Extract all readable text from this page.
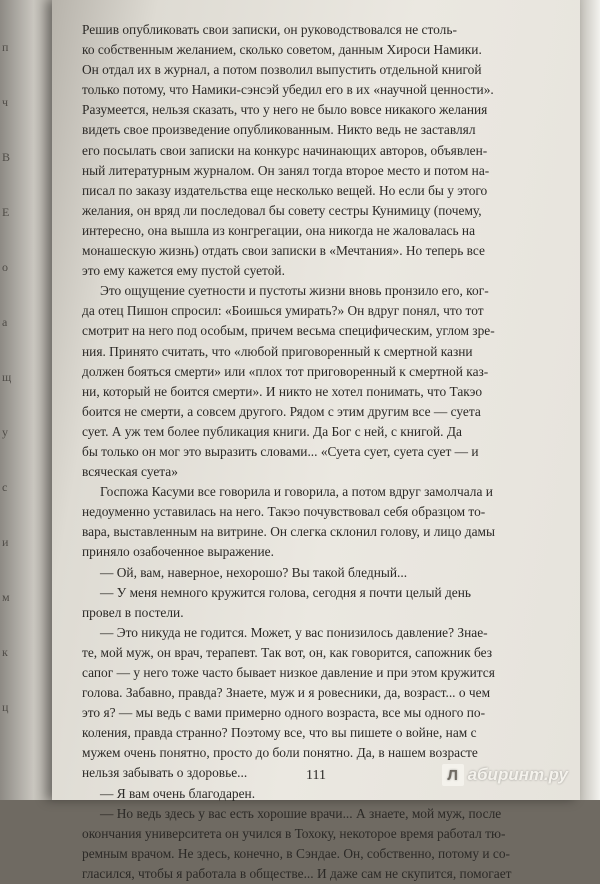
п
ч
В
Е
о
а
щ
у
с
и
м
к
ц
Решив опубликовать свои записки, он руководствовался не столь-
ко собственным желанием, сколько советом, данным Хироси Намики.
Он отдал их в журнал, а потом позволил выпустить отдельной книгой
только потому, что Намики-сэнсэй убедил его в их «научной ценности».
Разумеется, нельзя сказать, что у него не было вовсе никакого желания
видеть свое произведение опубликованным. Никто ведь не заставлял
его посылать свои записки на конкурс начинающих авторов, объявлен-
ный литературным журналом. Он занял тогда второе место и потом на-
писал по заказу издательства еще несколько вещей. Но если бы у этого
желания, он вряд ли последовал бы совету сестры Кунимицу (почему,
интересно, она вышла из конгрегации, она никогда не жаловалась на
монашескую жизнь) отдать свои записки в «Мечтания». Но теперь все
это ему кажется ему пустой суетой.
Это ощущение суетности и пустоты жизни вновь пронзило его, ког-
да отец Пишон спросил: «Боишься умирать?» Он вдруг понял, что тот
смотрит на него под особым, причем весьма специфическим, углом зре-
ния. Принято считать, что «любой приговоренный к смертной казни
должен бояться смерти» или «плох тот приговоренный к смертной каз-
ни, который не боится смерти». И никто не хотел понимать, что Такэо
боится не смерти, а совсем другого. Рядом с этим другим все — суета
сует. А уж тем более публикация книги. Да Бог с ней, с книгой. Да
бы только он мог это выразить словами... «Суета сует, суета сует — и
всяческая суета»
Госпожа Касуми все говорила и говорила, а потом вдруг замолчала и
недоуменно уставилась на него. Такэо почувствовал себя образцом то-
вара, выставленным на витрине. Он слегка склонил голову, и лицо дамы
приняло озабоченное выражение.
— Ой, вам, наверное, нехорошо? Вы такой бледный...
— У меня немного кружится голова, сегодня я почти целый день
провел в постели.
— Это никуда не годится. Может, у вас понизилось давление? Знае-
те, мой муж, он врач, терапевт. Так вот, он, как говорится, сапожник без
сапог — у него тоже часто бывает низкое давление и при этом кружится
голова. Забавно, правда? Знаете, муж и я ровесники, да, возраст... о чем
это я? — мы ведь с вами примерно одного возраста, все мы одного по-
коления, правда странно? Поэтому все, что вы пишете о войне, нам с
мужем очень понятно, просто до боли понятно. Да, в нашем возрасте
нельзя забывать о здоровье...
— Я вам очень благодарен.
— Но ведь здесь у вас есть хорошие врачи... А знаете, мой муж, после
окончания университета он учился в Тохоку, некоторое время работал тю-
ремным врачом. Не здесь, конечно, в Сэндае. Он, собственно, потому и со-
гласился, чтобы я работала в обществе... И даже сам не скупится, помогает
111	Л абиринт.ру
